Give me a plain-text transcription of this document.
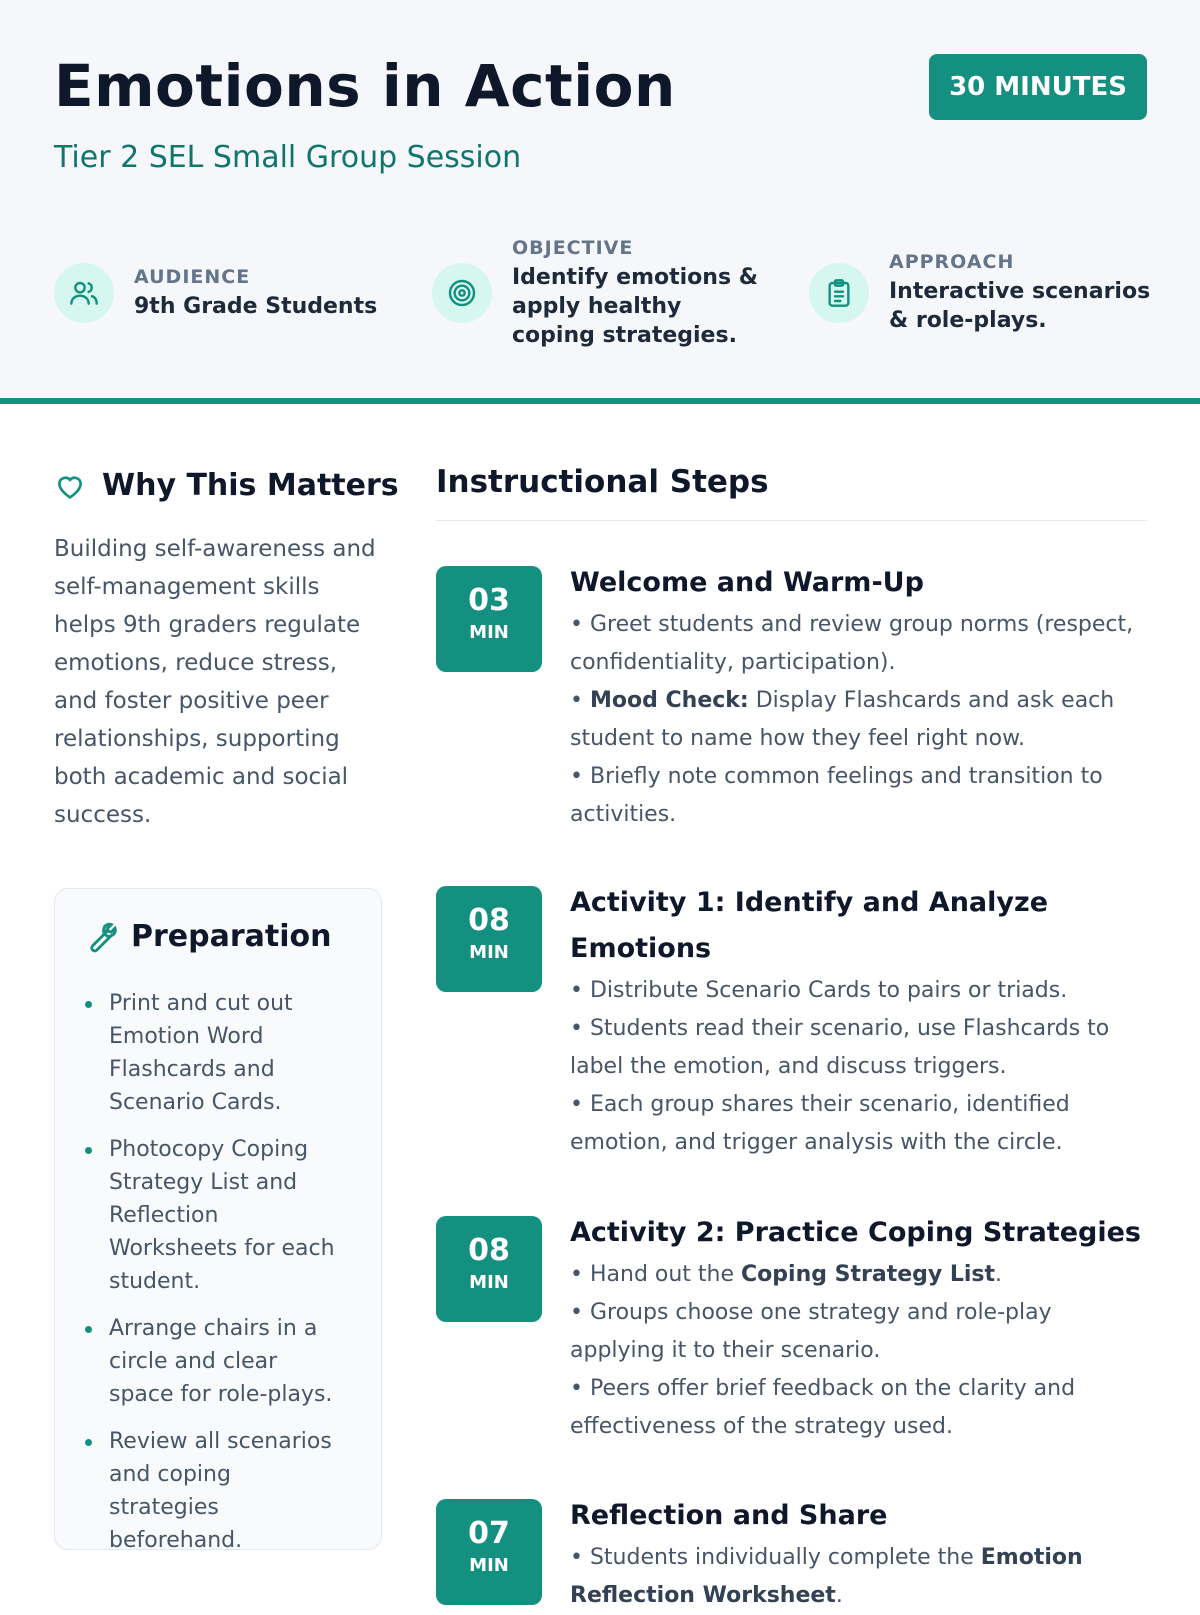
Emotions in Action
Tier 2 SEL Small Group Session
30 MINUTES
AUDIENCE
9th Grade Students
OBJECTIVE
Identify emotions & apply healthy coping strategies.
APPROACH
Interactive scenarios & role-plays.
Why This Matters
Building self-awareness and self-management skills helps 9th graders regulate emotions, reduce stress, and foster positive peer relationships, supporting both academic and social success.
Preparation
Print and cut out Emotion Word Flashcards and Scenario Cards.
Photocopy Coping Strategy List and Reflection Worksheets for each student.
Arrange chairs in a circle and clear space for role-plays.
Review all scenarios and coping strategies beforehand.
Instructional Steps
03
MIN
Welcome and Warm-Up
• Greet students and review group norms (respect, confidentiality, participation).
• Mood Check: Display Flashcards and ask each student to name how they feel right now.
• Briefly note common feelings and transition to activities.
08
MIN
Activity 1: Identify and Analyze Emotions
• Distribute Scenario Cards to pairs or triads.
• Students read their scenario, use Flashcards to label the emotion, and discuss triggers.
• Each group shares their scenario, identified emotion, and trigger analysis with the circle.
08
MIN
Activity 2: Practice Coping Strategies
• Hand out the Coping Strategy List.
• Groups choose one strategy and role-play applying it to their scenario.
• Peers offer brief feedback on the clarity and effectiveness of the strategy used.
07
MIN
Reflection and Share
• Students individually complete the Emotion Reflection Worksheet.
